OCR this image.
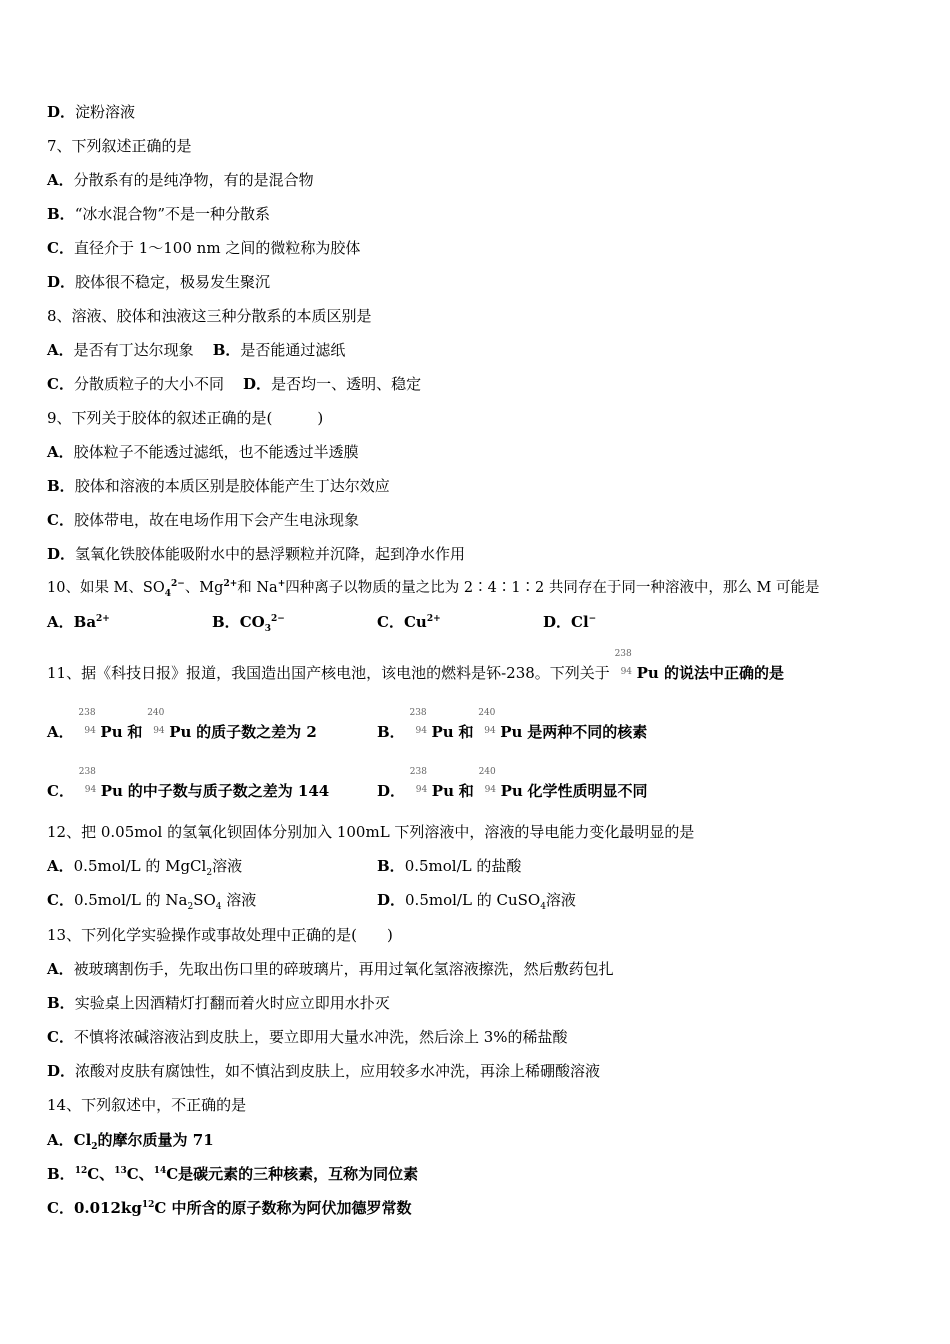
D．淀粉溶液
7、下列叙述正确的是
A．分散系有的是纯净物，有的是混合物
B．“冰水混合物”不是一种分散系
C．直径介于 1～100 nm 之间的微粒称为胶体
D．胶体很不稳定，极易发生聚沉
8、溶液、胶体和浊液这三种分散系的本质区别是
A．是否有丁达尔现象 B．是否能通过滤纸
C．分散质粒子的大小不同 D．是否均一、透明、稳定
9、下列关于胶体的叙述正确的是(　　　)
A．胶体粒子不能透过滤纸，也不能透过半透膜
B．胶体和溶液的本质区别是胶体能产生丁达尔效应
C．胶体带电，故在电场作用下会产生电泳现象
D．氢氧化铁胶体能吸附水中的悬浮颗粒并沉降，起到净水作用
10、如果 M、$SO_4^{2-}$、$Mg^{2+}$和 Na+四种离子以物质的量之比为 2∶4∶1∶2 共同存在于同一种溶液中，那么 M 可能是
A．$Ba^{2+}$	B．$CO_3^{2-}$	C．$Cu^{2+}$	D．Cl−
11、据《科技日报》报道，我国造出国产核电池，该电池的燃料是钚-238。下列关于
238
94 Pu 的说法中正确的是
A．
238
94 Pu 和
240
94 Pu 的质子数之差为 2	B．
238
94 Pu 和
240
94 Pu 是两种不同的核素
C．
238
94 Pu 的中子数与质子数之差为 144	D．
238
94 Pu 和
240
94 Pu 化学性质明显不同
12、把 0.05mol 的氢氧化钡固体分别加入 100mL 下列溶液中，溶液的导电能力变化最明显的是
A．0.5mol/L 的 MgCl$_2$溶液	B．0.5mol/L 的盐酸
C．0.5mol/L 的 $Na_2SO_4$ 溶液	D．0.5mol/L 的 CuSO$_4$溶液
13、下列化学实验操作或事故处理中正确的是(　　)
A．被玻璃割伤手，先取出伤口里的碎玻璃片，再用过氧化氢溶液擦洗，然后敷药包扎
B．实验桌上因酒精灯打翻而着火时应立即用水扑灭
C．不慎将浓碱溶液沾到皮肤上，要立即用大量水冲洗，然后涂上 3%的稀盐酸
D．浓酸对皮肤有腐蚀性，如不慎沾到皮肤上，应用较多水冲洗，再涂上稀硼酸溶液
14、下列叙述中，不正确的是
A．$Cl_2$的摩尔质量为 71
B．$^{12}$C、$^{13}$C、$^{14}$C是碳元素的三种核素，互称为同位素
C．$0.012kg^{12}C$ 中所含的原子数称为阿伏加德罗常数
